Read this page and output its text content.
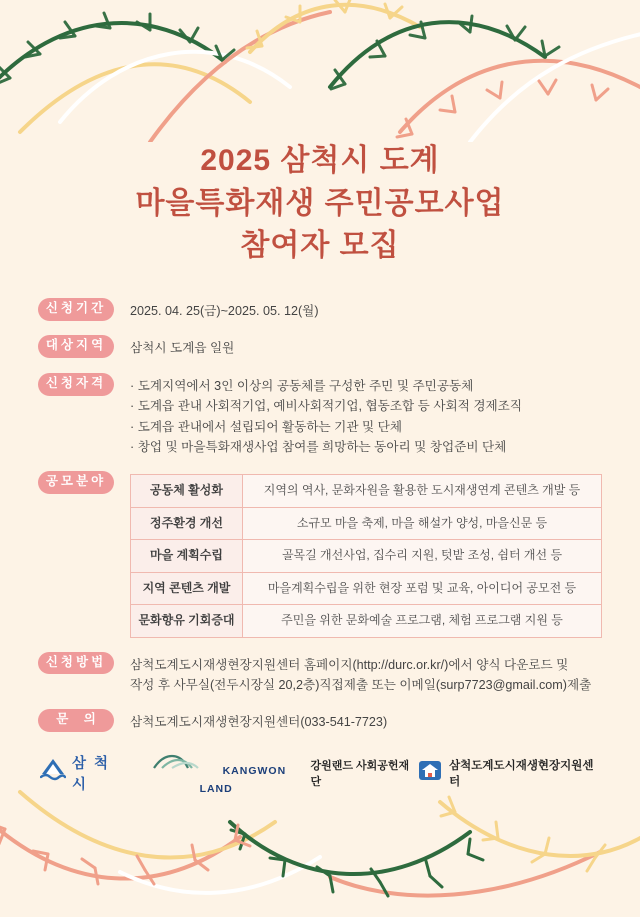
2025 삼척시 도계
마을특화재생 주민공모사업
참여자 모집
신청기간	2025. 04. 25(금)~2025. 05. 12(월)
대상지역	삼척시 도계읍 일원
신청자격	· 도계지역에서 3인 이상의 공동체를 구성한 주민 및 주민공동체
· 도계읍 관내 사회적기업, 예비사회적기업, 협동조합 등 사회적 경제조직
· 도계읍 관내에서 설립되어 활동하는 기관 및 단체
· 창업 및 마을특화재생사업 참여를 희망하는 동아리 및 창업준비 단체
공모분야
공동체 활성화	지역의 역사, 문화자원을 활용한 도시재생연계 콘텐츠 개발 등
정주환경 개선	소규모 마을 축제, 마을 해설가 양성, 마을신문 등
마을 계획수립	골목길 개선사업, 집수리 지원, 텃밭 조성, 쉼터 개선 등
지역 콘텐츠 개발	마을계획수립을 위한 현장 포럼 및 교육, 아이디어 공모전 등
문화향유 기회증대	주민을 위한 문화예술 프로그램, 체험 프로그램 지원 등
신청방법	삼척도계도시재생현장지원센터 홈페이지(http://durc.or.kr/)에서 양식 다운로드 및
작성 후 사무실(전두시장실 20,2층)직접제출 또는 이메일(surp7723@gmail.com)제출
문 의	삼척도계도시재생현장지원센터(033-541-7723)
삼 척 시
KANGWON LAND
강원랜드 사회공헌재단
삼척도계도시재생현장지원센터
